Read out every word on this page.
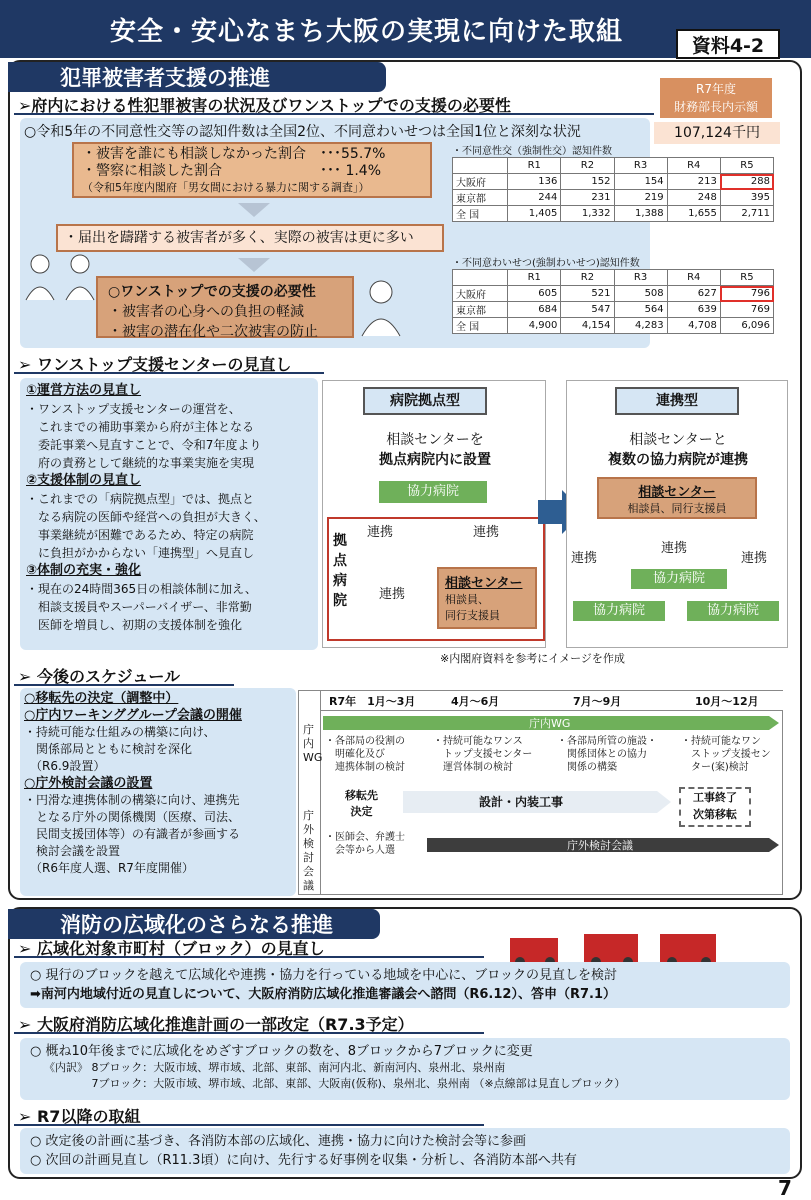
安全・安心なまち大阪の実現に向けた取組	資料4-2
犯罪被害者支援の推進	R7年度
財務部長内示額
107,124千円
➢府内における性犯罪被害の状況及びワンストップでの支援の必要性
○令和5年の不同意性交等の認知件数は全国2位、不同意わいせつは全国1位と深刻な状況
・被害を誰にも相談しなかった割合　･･･55.7%
・警察に相談した割合　　　　　　　･･･ 1.4%
（令和5年度内閣府「男女間における暴力に関する調査」）
・届出を躊躇する被害者が多く、実際の被害は更に多い
○ワンストップでの支援の必要性
・被害者の心身への負担の軽減
・被害の潜在化や二次被害の防止
・不同意性交（強制性交）認知件数
	R1	R2	R3	R4	R5
大阪府	136	152	154	213	288
東京都	244	231	219	248	395
全 国	1,405	1,332	1,388	1,655	2,711
・不同意わいせつ(強制わいせつ)認知件数
	R1	R2	R3	R4	R5
大阪府	605	521	508	627	796
東京都	684	547	564	639	769
全 国	4,900	4,154	4,283	4,708	6,096
➢ ワンストップ支援センターの見直し
①運営方法の見直し
・ワンストップ支援センターの運営を、
　これまでの補助事業から府が主体となる
　委託事業へ見直すことで、令和7年度より
　府の責務として継続的な事業実施を実現
②支援体制の見直し
・これまでの「病院拠点型」では、拠点と
　なる病院の医師や経営への負担が大きく、
　事業継続が困難であるため、特定の病院
　に負担がかからない「連携型」へ見直し
③体制の充実・強化
・現在の24時間365日の相談体制に加え、
　相談支援員やスーパーバイザー、非常勤
　医師を増員し、初期の支援体制を強化
病院拠点型
相談センターを
拠点病院内に設置
協力病院
拠
点
病
院
連携	連携
連携
相談センター
相談員、
同行支援員
連携型
相談センターと
複数の協力病院が連携
相談センター
相談員、同行支援員
連携
連携
連携
協力病院
協力病院	協力病院
※内閣府資料を参考にイメージを作成
➢ 今後のスケジュール
○移転先の決定（調整中）
○庁内ワーキンググループ会議の開催
・持続可能な仕組みの構築に向け、
　関係部局とともに検討を深化
　（R6.9設置）
○庁外検討会議の設置
・円滑な連携体制の構築に向け、連携先
　となる庁外の関係機関（医療、司法、
　民間支援団体等）の有識者が参画する
　検討会議を設置
　（R6年度人選、R7年度開催）
R7年　1月～3月	4月～6月	7月～9月	10月～12月
庁
内
WG
庁
外
検
討
会
議
庁内WG
・各部局の役割の
　明確化及び
　連携体制の検討
・持続可能なワンス
　トップ支援センター
　運営体制の検討
・各部局所管の施設・
　関係団体との協力
　関係の構築
・持続可能なワン
　ストップ支援セン
　ター(案)検討
移転先
決定
設計・内装工事	工事終了
次第移転
・医師会、弁護士
　会等から人選	庁外検討会議
消防の広域化のさらなる推進
➢ 広域化対象市町村（ブロック）の見直し
○ 現行のブロックを越えて広域化や連携・協力を行っている地域を中心に、ブロックの見直しを検討
➡南河内地域付近の見直しについて、大阪府消防広域化推進審議会へ諮問（R6.12）、答申（R7.1）
➢ 大阪府消防広域化推進計画の一部改定（R7.3予定）
○ 概ね10年後までに広域化をめざすブロックの数を、8ブロックから7ブロックに変更
《内訳》 8ブロック：大阪市域、堺市域、北部、東部、南河内北、新南河内、泉州北、泉州南
　　　　 7ブロック：大阪市域、堺市域、北部、東部、大阪南(仮称)、泉州北、泉州南 （※点線部は見直しブロック）
➢ R7以降の取組
○ 改定後の計画に基づき、各消防本部の広域化、連携・協力に向けた検討会等に参画
○ 次回の計画見直し（R11.3頃）に向け、先行する好事例を収集・分析し、各消防本部へ共有
7
